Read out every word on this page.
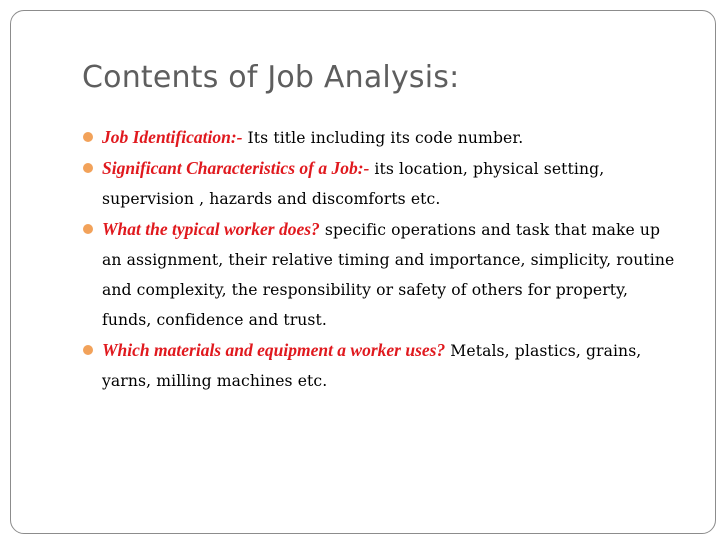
Contents of Job Analysis:
Job Identification:- Its title including its code number.
Significant Characteristics of a Job:- its location, physical setting, supervision , hazards and discomforts etc.
What the typical worker does? specific operations and task that make up an assignment, their relative timing and importance, simplicity, routine and complexity, the responsibility or safety of others for property, funds, confidence and trust.
Which materials and equipment a worker uses? Metals, plastics, grains, yarns, milling machines etc.
